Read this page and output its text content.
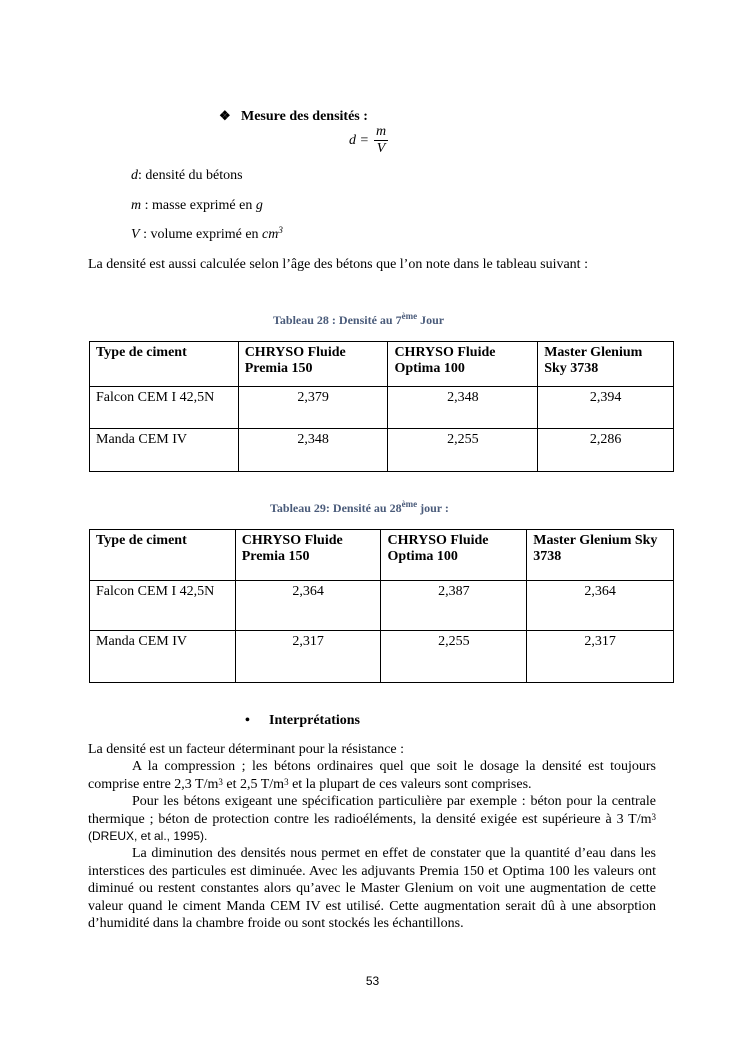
❖ Mesure des densités :
$d = \frac{m}{V}$
d: densité du bétons
m : masse exprimé en g
V : volume exprimé en $cm^3$
La densité est aussi calculée selon l’âge des bétons que l’on note dans le tableau suivant :
Tableau 28 : Densité au 7ème Jour
Type de ciment	CHRYSO Fluide Premia 150	CHRYSO Fluide Optima 100	Master Glenium Sky 3738
Falcon CEM I 42,5N	2,379	2,348	2,394
Manda CEM IV	2,348	2,255	2,286
Tableau 29: Densité au 28ème jour :
Type de ciment	CHRYSO Fluide Premia 150	CHRYSO Fluide Optima 100	Master Glenium Sky 3738
Falcon CEM I 42,5N	2,364	2,387	2,364
Manda CEM IV	2,317	2,255	2,317
• Interprétations
La densité est un facteur déterminant pour la résistance :
A la compression ; les bétons ordinaires quel que soit le dosage la densité est toujours comprise entre 2,3 $T/m^3$ et 2,5 $T/m^3$ et la plupart de ces valeurs sont comprises.
Pour les bétons exigeant une spécification particulière par exemple : béton pour la centrale thermique ; béton de protection contre les radioéléments, la densité exigée est supérieure à 3 $T/m^3$ (DREUX, et al., 1995).
La diminution des densités nous permet en effet de constater que la quantité d’eau dans les interstices des particules est diminuée. Avec les adjuvants Premia 150 et Optima 100 les valeurs ont diminué ou restent constantes alors qu’avec le Master Glenium on voit une augmentation de cette valeur quand le ciment Manda CEM IV est utilisé. Cette augmentation serait dû à une absorption d’humidité dans la chambre froide ou sont stockés les échantillons.
53
